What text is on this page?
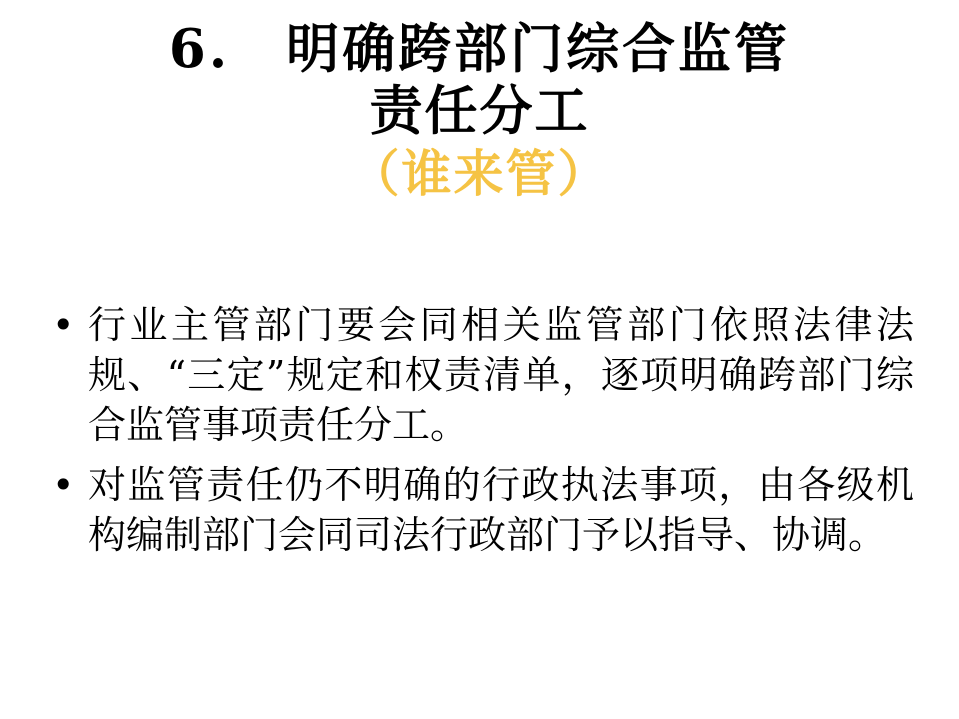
6.　明确跨部门综合监管
责任分工
（谁来管）
• 行业主管部门要会同相关监管部门依照法律法规、“三定”规定和权责清单，逐项明确跨部门综合监管事项责任分工。
• 对监管责任仍不明确的行政执法事项，由各级机构编制部门会同司法行政部门予以指导、协调。
